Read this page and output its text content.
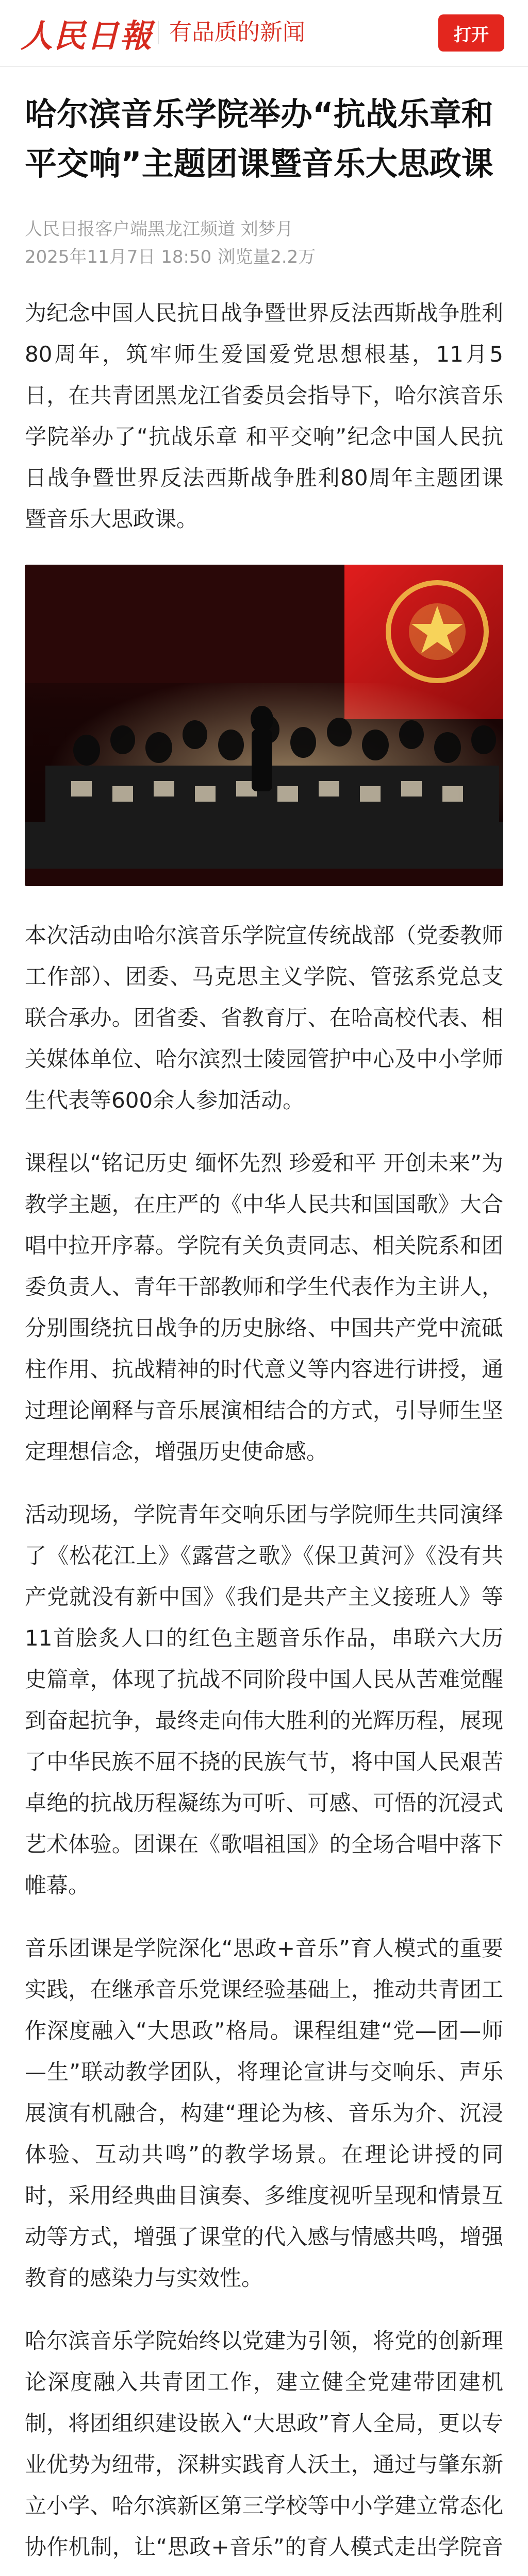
人民日報 有品质的新闻	打开
哈尔滨音乐学院举办“抗战乐章和平交响”主题团课暨音乐大思政课
人民日报客户端黑龙江频道 刘梦月
2025年11月7日 18:50 浏览量2.2万

为纪念中国人民抗日战争暨世界反法西斯战争胜利80周年，筑牢师生爱国爱党思想根基，11月5日，在共青团黑龙江省委员会指导下，哈尔滨音乐学院举办了“抗战乐章 和平交响”纪念中国人民抗日战争暨世界反法西斯战争胜利80周年主题团课暨音乐大思政课。

本次活动由哈尔滨音乐学院宣传统战部（党委教师工作部）、团委、马克思主义学院、管弦系党总支联合承办。团省委、省教育厅、在哈高校代表、相关媒体单位、哈尔滨烈士陵园管护中心及中小学师生代表等600余人参加活动。

课程以“铭记历史 缅怀先烈 珍爱和平 开创未来”为教学主题，在庄严的《中华人民共和国国歌》大合唱中拉开序幕。学院有关负责同志、相关院系和团委负责人、青年干部教师和学生代表作为主讲人，分别围绕抗日战争的历史脉络、中国共产党中流砥柱作用、抗战精神的时代意义等内容进行讲授，通过理论阐释与音乐展演相结合的方式，引导师生坚定理想信念，增强历史使命感。

活动现场，学院青年交响乐团与学院师生共同演绎了《松花江上》《露营之歌》《保卫黄河》《没有共产党就没有新中国》《我们是共产主义接班人》等11首脍炙人口的红色主题音乐作品，串联六大历史篇章，体现了抗战不同阶段中国人民从苦难觉醒到奋起抗争，最终走向伟大胜利的光辉历程，展现了中华民族不屈不挠的民族气节，将中国人民艰苦卓绝的抗战历程凝练为可听、可感、可悟的沉浸式艺术体验。团课在《歌唱祖国》的全场合唱中落下帷幕。

音乐团课是学院深化“思政+音乐”育人模式的重要实践，在继承音乐党课经验基础上，推动共青团工作深度融入“大思政”格局。课程组建“党—团—师—生”联动教学团队，将理论宣讲与交响乐、声乐展演有机融合，构建“理论为核、音乐为介、沉浸体验、互动共鸣”的教学场景。在理论讲授的同时，采用经典曲目演奏、多维度视听呈现和情景互动等方式，增强了课堂的代入感与情感共鸣，增强教育的感染力与实效性。

哈尔滨音乐学院始终以党建为引领，将党的创新理论深度融入共青团工作，建立健全党建带团建机制，将团组织建设嵌入“大思政”育人全局，更以专业优势为纽带，深耕实践育人沃土，通过与肇东新立小学、哈尔滨新区第三学校等中小学建立常态化协作机制，让“思政+音乐”的育人模式走出学院音
